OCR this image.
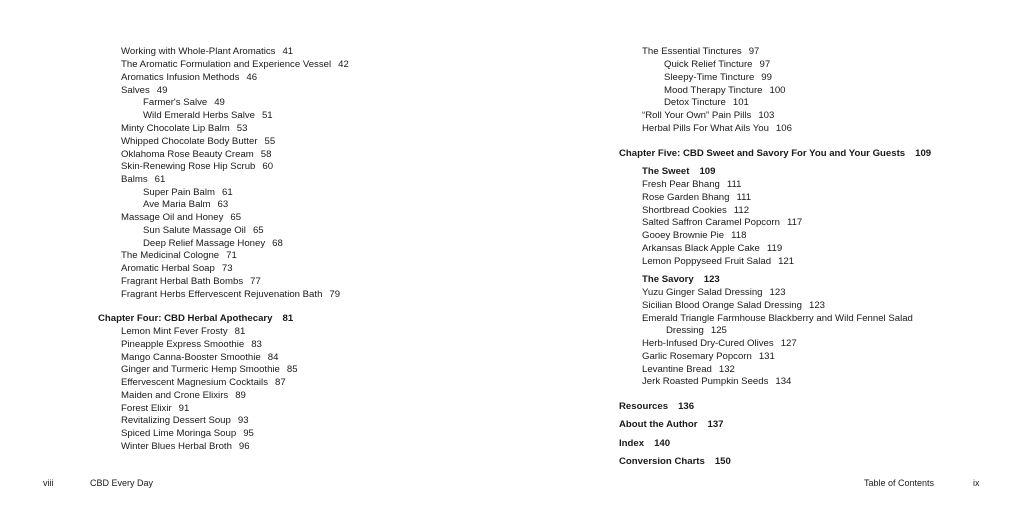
Working with Whole-Plant Aromatics 41
The Aromatic Formulation and Experience Vessel 42
Aromatics Infusion Methods 46
Salves 49
Farmer's Salve 49
Wild Emerald Herbs Salve 51
Minty Chocolate Lip Balm 53
Whipped Chocolate Body Butter 55
Oklahoma Rose Beauty Cream 58
Skin-Renewing Rose Hip Scrub 60
Balms 61
Super Pain Balm 61
Ave Maria Balm 63
Massage Oil and Honey 65
Sun Salute Massage Oil 65
Deep Relief Massage Honey 68
The Medicinal Cologne 71
Aromatic Herbal Soap 73
Fragrant Herbal Bath Bombs 77
Fragrant Herbs Effervescent Rejuvenation Bath 79
Chapter Four: CBD Herbal Apothecary 81
Lemon Mint Fever Frosty 81
Pineapple Express Smoothie 83
Mango Canna-Booster Smoothie 84
Ginger and Turmeric Hemp Smoothie 85
Effervescent Magnesium Cocktails 87
Maiden and Crone Elixirs 89
Forest Elixir 91
Revitalizing Dessert Soup 93
Spiced Lime Moringa Soup 95
Winter Blues Herbal Broth 96
viii	CBD Every Day
The Essential Tinctures 97
Quick Relief Tincture 97
Sleepy-Time Tincture 99
Mood Therapy Tincture 100
Detox Tincture 101
“Roll Your Own” Pain Pills 103
Herbal Pills For What Ails You 106
Chapter Five: CBD Sweet and Savory For You and Your Guests 109
The Sweet 109
Fresh Pear Bhang 111
Rose Garden Bhang 111
Shortbread Cookies 112
Salted Saffron Caramel Popcorn 117
Gooey Brownie Pie 118
Arkansas Black Apple Cake 119
Lemon Poppyseed Fruit Salad 121
The Savory 123
Yuzu Ginger Salad Dressing 123
Sicilian Blood Orange Salad Dressing 123
Emerald Triangle Farmhouse Blackberry and Wild Fennel Salad
Dressing 125
Herb-Infused Dry-Cured Olives 127
Garlic Rosemary Popcorn 131
Levantine Bread 132
Jerk Roasted Pumpkin Seeds 134
Resources 136
About the Author 137
Index 140
Conversion Charts 150
Table of Contents	ix
